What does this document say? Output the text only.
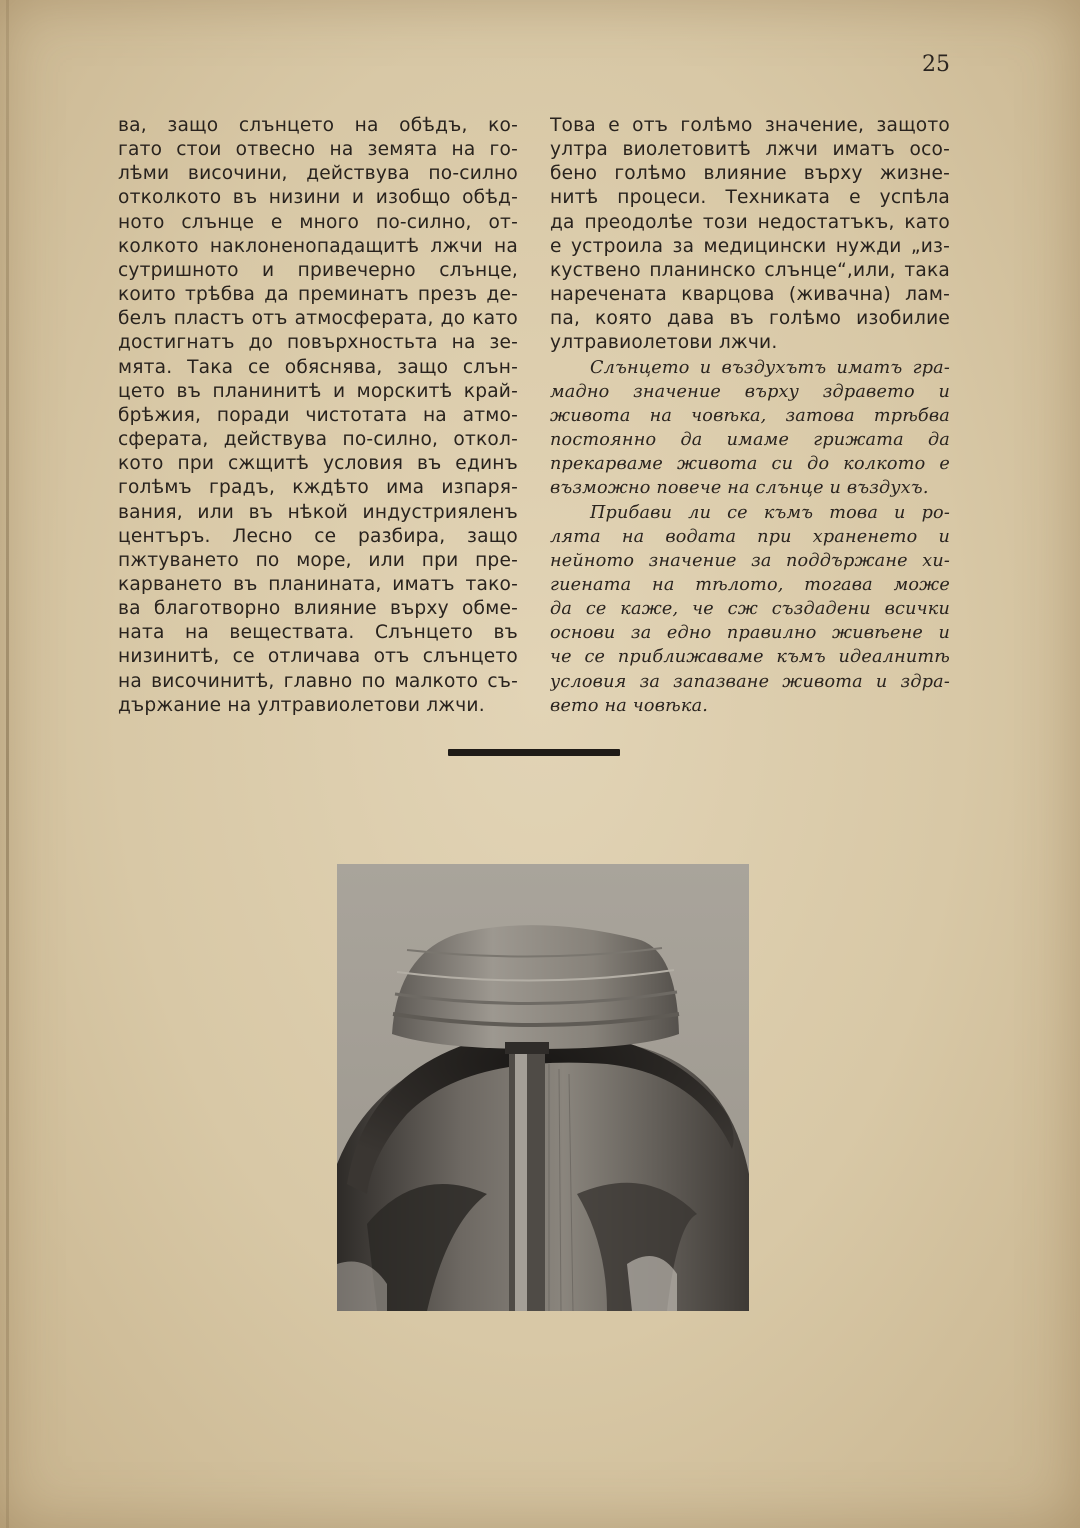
25
ва, защо слънцето на обѣдъ, ко-
гато стои отвесно на земята на го-
лѣми височини, действува по-силно
отколкото въ низини и изобщо обѣд-
ното слънце е много по-силно, от-
колкото наклоненопадащитѣ лжчи на
сутришното и привечерно слънце,
които трѣбва да преминатъ презъ де-
белъ пластъ отъ атмосферата, до като
достигнатъ до повърхностьта на зе-
мята. Така се обяснява, защо слън-
цето въ планинитѣ и морскитѣ край-
брѣжия, поради чистотата на атмо-
сферата, действува по-силно, откол-
кото при сжщитѣ условия въ единъ
голѣмъ градъ, кждѣто има изпаря-
вания, или въ нѣкой индустрияленъ
центъръ. Лесно се разбира, защо
пжтуването по море, или при пре-
карването въ планината, иматъ тако-
ва благотворно влияние върху обме-
ната на веществата. Слънцето въ
низинитѣ, се отличава отъ слънцето
на височинитѣ, главно по малкото съ-
държание на ултравиолетови лжчи.
Това е отъ голѣмо значение, защото
ултра виолетовитѣ лжчи иматъ осо-
бено голѣмо влияние върху жизне-
нитѣ процеси. Техниката е успѣла
да преодолѣе този недостатъкъ, като
е устроила за медицински нужди „из-
куствено планинско слънце“,или, така
наречената кварцова (живачна) лам-
па, която дава въ голѣмо изобилие
ултравиолетови лжчи.
Слънцето и въздухътъ иматъ гра-
мадно значение върху здравето и
живота на човѣка, затова трѣбва
постоянно да имаме грижата да
прекарваме живота си до колкото е
възможно повече на слънце и въздухъ.
Прибави ли се къмъ това и ро-
лята на водата при храненето и
нейното значение за поддържане хи-
гиената на тѣлото, тогава може
да се каже, че сж създадени всички
основи за едно правилно живѣене и
че се приближаваме къмъ идеалнитѣ
условия за запазване живота и здра-
вето на човѣка.
